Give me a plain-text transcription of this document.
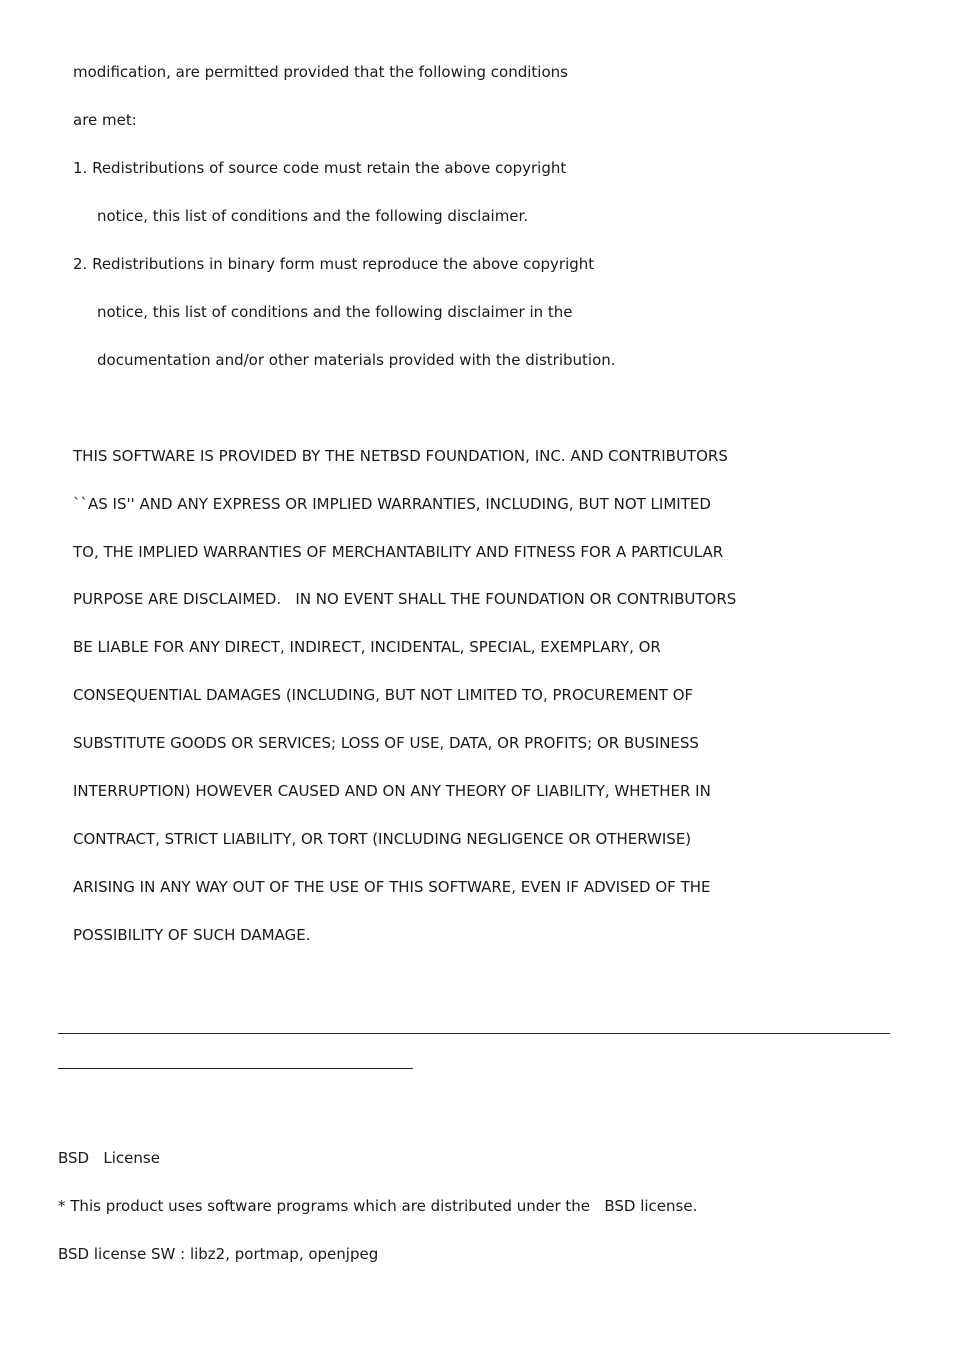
modification, are permitted provided that the following conditions

are met:

1. Redistributions of source code must retain the above copyright

notice, this list of conditions and the following disclaimer.

2. Redistributions in binary form must reproduce the above copyright

notice, this list of conditions and the following disclaimer in the

documentation and/or other materials provided with the distribution.

THIS SOFTWARE IS PROVIDED BY THE NETBSD FOUNDATION, INC. AND CONTRIBUTORS

``AS IS'' AND ANY EXPRESS OR IMPLIED WARRANTIES, INCLUDING, BUT NOT LIMITED

TO, THE IMPLIED WARRANTIES OF MERCHANTABILITY AND FITNESS FOR A PARTICULAR

PURPOSE ARE DISCLAIMED.   IN NO EVENT SHALL THE FOUNDATION OR CONTRIBUTORS

BE LIABLE FOR ANY DIRECT, INDIRECT, INCIDENTAL, SPECIAL, EXEMPLARY, OR

CONSEQUENTIAL DAMAGES (INCLUDING, BUT NOT LIMITED TO, PROCUREMENT OF

SUBSTITUTE GOODS OR SERVICES; LOSS OF USE, DATA, OR PROFITS; OR BUSINESS

INTERRUPTION) HOWEVER CAUSED AND ON ANY THEORY OF LIABILITY, WHETHER IN

CONTRACT, STRICT LIABILITY, OR TORT (INCLUDING NEGLIGENCE OR OTHERWISE)

ARISING IN ANY WAY OUT OF THE USE OF THIS SOFTWARE, EVEN IF ADVISED OF THE

POSSIBILITY OF SUCH DAMAGE.

BSD   License

* This product uses software programs which are distributed under the   BSD license.

BSD license SW : libz2, portmap, openjpeg
